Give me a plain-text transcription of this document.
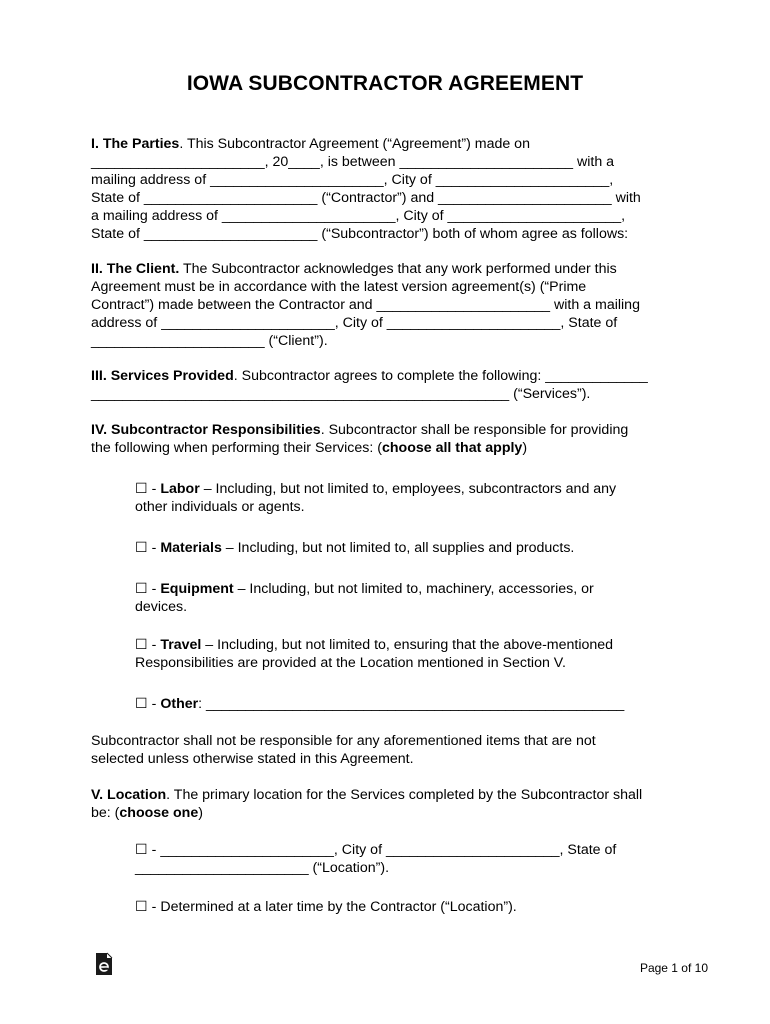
IOWA SUBCONTRACTOR AGREEMENT
I. The Parties. This Subcontractor Agreement (“Agreement”) made on
______________________, 20____, is between ______________________ with a
mailing address of ______________________, City of ______________________,
State of ______________________ (“Contractor”) and ______________________ with
a mailing address of ______________________, City of ______________________,
State of ______________________ (“Subcontractor”) both of whom agree as follows:
II. The Client. The Subcontractor acknowledges that any work performed under this
Agreement must be in accordance with the latest version agreement(s) (“Prime
Contract”) made between the Contractor and ______________________ with a mailing
address of ______________________, City of ______________________, State of
______________________ (“Client”).
III. Services Provided. Subcontractor agrees to complete the following: _____________
_____________________________________________________ (“Services”).
IV. Subcontractor Responsibilities. Subcontractor shall be responsible for providing
the following when performing their Services: (choose all that apply)
☐ - Labor – Including, but not limited to, employees, subcontractors and any
other individuals or agents.
☐ - Materials – Including, but not limited to, all supplies and products.
☐ - Equipment – Including, but not limited to, machinery, accessories, or
devices.
☐ - Travel – Including, but not limited to, ensuring that the above-mentioned
Responsibilities are provided at the Location mentioned in Section V.
☐ - Other: _____________________________________________________
Subcontractor shall not be responsible for any aforementioned items that are not
selected unless otherwise stated in this Agreement.
V. Location. The primary location for the Services completed by the Subcontractor shall
be: (choose one)
☐ - ______________________, City of ______________________, State of
______________________ (“Location”).
☐ - Determined at a later time by the Contractor (“Location”).
Page 1 of 10
